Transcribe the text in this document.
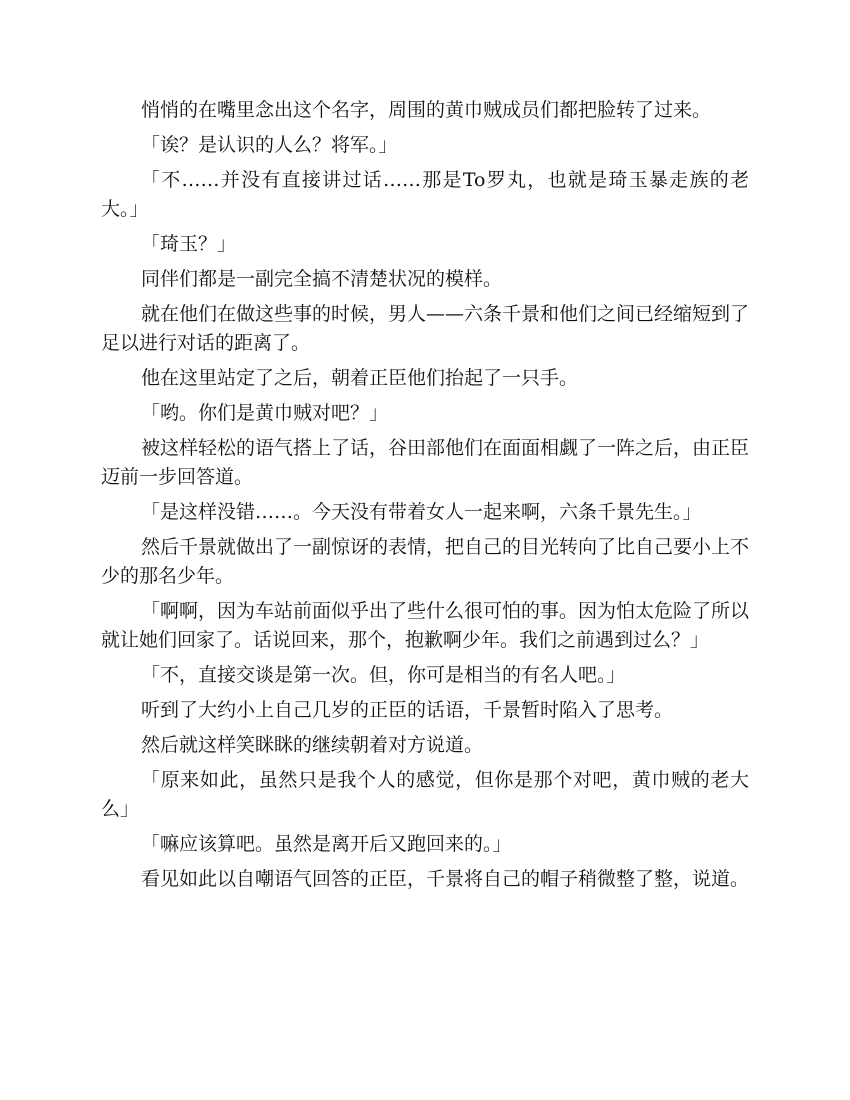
悄悄的在嘴里念出这个名字，周围的黄巾贼成员们都把脸转了过来。

「诶？是认识的人么？将军。」

「不……并没有直接讲过话……那是To罗丸，也就是琦玉暴走族的老大。」

「琦玉？」

同伴们都是一副完全搞不清楚状况的模样。

就在他们在做这些事的时候，男人——六条千景和他们之间已经缩短到了足以进行对话的距离了。

他在这里站定了之后，朝着正臣他们抬起了一只手。

「哟。你们是黄巾贼对吧？」

被这样轻松的语气搭上了话，谷田部他们在面面相觑了一阵之后，由正臣迈前一步回答道。

「是这样没错……。今天没有带着女人一起来啊，六条千景先生。」

然后千景就做出了一副惊讶的表情，把自己的目光转向了比自己要小上不少的那名少年。

「啊啊，因为车站前面似乎出了些什么很可怕的事。因为怕太危险了所以就让她们回家了。话说回来，那个，抱歉啊少年。我们之前遇到过么？」

「不，直接交谈是第一次。但，你可是相当的有名人吧。」

听到了大约小上自己几岁的正臣的话语，千景暂时陷入了思考。

然后就这样笑眯眯的继续朝着对方说道。

「原来如此，虽然只是我个人的感觉，但你是那个对吧，黄巾贼的老大么」

「嘛应该算吧。虽然是离开后又跑回来的。」

看见如此以自嘲语气回答的正臣，千景将自己的帽子稍微整了整，说道。
